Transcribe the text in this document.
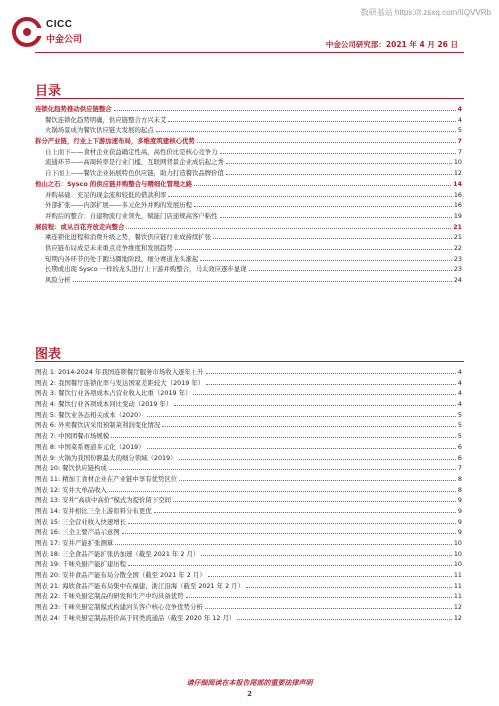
数研基站 https://t.zsxq.com/IIQVVRb
CICC
中金公司	中金公司研究部：2021 年 4 月 26 日
目录
连锁化趋势推动供应链整合	4
餐饮连锁化趋势明确，供应链整合方兴未艾	4
火锅场景成为餐饮供应链大发展的起点	5
拆分产业链，行业上下游加速布局，多维度筑建核心优势	7
自上而下——食材企业获益确定性高，高性价比是核心竞争力	7
流通环节——高周转率是行业门槛，互联网背景企业成后起之秀	10
自下而上——餐饮企业拓展特色供应链，助力打造餐饮品牌价值	12
他山之石：Sysco 的供应链并购整合与精细化管理之路	14
并购基础：充足的现金流和较低的借款利率	16
外部扩张——内部扩展——多元化外并购的发展历程	16
并购后的整合：自建物流行业领先，赋能门店递规高客户粘性	19
展前程：或从百花齐放走向整合	21
乘连锁化进程和消费升级之势，餐饮供应链行业成持续扩张	21
供应链布局成是未来重点竞争维度和发展趋势	22
短期内各环节仍处于跑马圈地阶段，细分赛道龙头渐起	23
长期或出现 Sysco 一样的龙头进行上下游并购整合，马太效应逐步显现	23
风险分析	24
图表
图表 1: 2014-2024 年我国连锁餐厅服务市场收入逐年上升	4
图表 2: 我国餐厅连锁化率与发达国家差距较大（2019 年）	4
图表 3: 餐饮行业各项成本占营业收入比重（2019 年）	4
图表 4: 餐饮行业各项成本同比变动（2019 年）	4
图表 5: 餐饮业各态相关成本（2020）	5
图表 6: 外卖餐饮店采用预制菜利润变化情况	5
图表 7: 中国团餐市场规模	5
图表 8: 中国菜系赛道多元化（2019）	6
图表 9: 火锅为我国份额最大的细分领域（2019）	6
图表 10: 餐饮供应链构成	7
图表 11: 精加工食材企业在产业链中享有优势区位	8
图表 12: 安井大单品收入	8
图表 13: 安井“高质中高价”模式为提价留下空间	9
图表 14: 安井相比三全上游原料分布更优	9
图表 15: 三全营业收入快速增长	9
图表 16: 三全主要产品示意图	9
图表 17: 安井产能扩张测算	10
图表 18: 三全食品产能扩张仍加速（截至 2021 年 2 月）	10
图表 19: 千味央厨产能扩建历程	10
图表 20: 安井食品产能布局分散全国（截至 2021 年 2 月）	11
图表 21: 海欣食品产能布局集中在福建、浙江沿海（截至 2021 年 2 月）	11
图表 22: 千味央厨定制品的研发和生产中均具备优势	11
图表 23: 千味央厨定制模式构建河头客户核心竞争优势分析	12
图表 24: 千味央厨定制品准价高于同类流通品（截至 2020 年 12 月）	12
请仔细阅读在本报告尾部的重要法律声明
2
